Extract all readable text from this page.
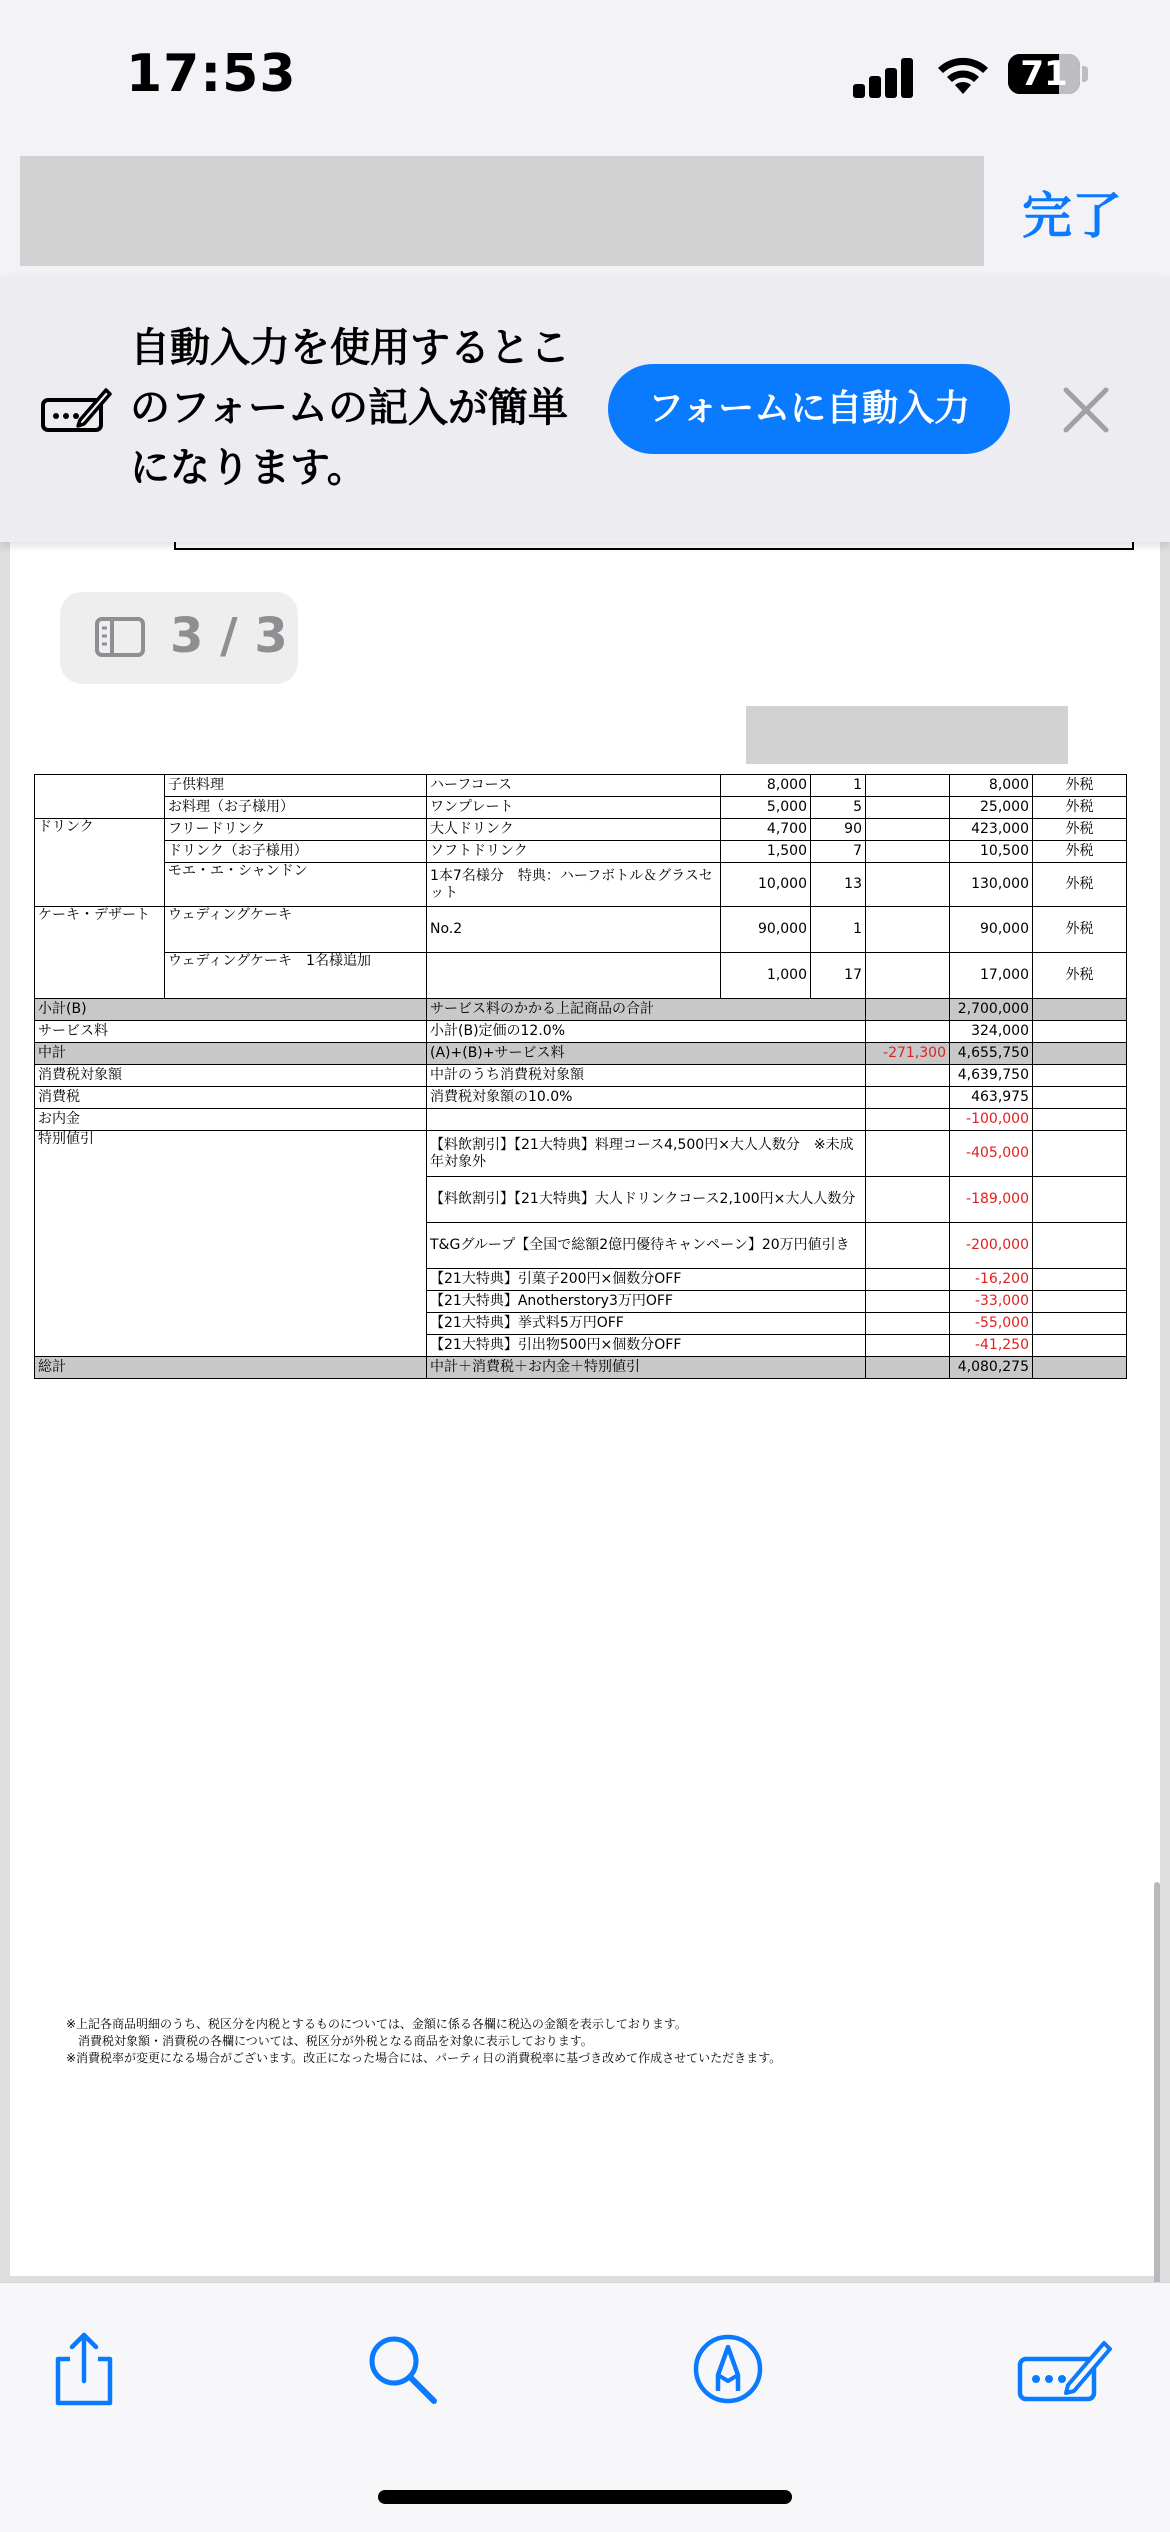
17:53	71
完了
自動入力を使用するとこのフォームの記入が簡単になります。
フォームに自動入力
	子供料理	ハーフコース	8,000	1		8,000	外税
	お料理（お子様用）	ワンプレート	5,000	5		25,000	外税
ドリンク	フリードリンク	大人ドリンク	4,700	90		423,000	外税
	ドリンク（お子様用）	ソフトドリンク	1,500	7		10,500	外税
	モエ・エ・シャンドン	1本7名様分　特典：ハーフボトル＆グラスセット	10,000	13		130,000	外税
ケーキ・デザート	ウェディングケーキ	No.2	90,000	1		90,000	外税
	ウェディングケーキ　1名様追加		1,000	17		17,000	外税
小計(B)		サービス料のかかる上記商品の合計				2,700,000	
サービス料		小計(B)定価の12.0%				324,000	
中計		(A)+(B)+サービス料			-271,300	4,655,750	
消費税対象額		中計のうち消費税対象額				4,639,750	
消費税		消費税対象額の10.0%				463,975	
お内金						-100,000	
特別値引		【料飲割引】【21大特典】料理コース4,500円×大人人数分　※未成年対象外				-405,000	
		【料飲割引】【21大特典】大人ドリンクコース2,100円×大人人数分				-189,000	
		T&Gグループ【全国で総額2億円優待キャンペーン】20万円値引き				-200,000	
		【21大特典】引菓子200円×個数分OFF				-16,200	
		【21大特典】Anotherstory3万円OFF				-33,000	
		【21大特典】挙式料5万円OFF				-55,000	
		【21大特典】引出物500円×個数分OFF				-41,250	
総計		中計＋消費税＋お内金＋特別値引				4,080,275	
※上記各商品明細のうち、税区分を内税とするものについては、金額に係る各欄に税込の金額を表示しております。
　消費税対象額・消費税の各欄については、税区分が外税となる商品を対象に表示しております。
※消費税率が変更になる場合がございます。改正になった場合には、パーティ日の消費税率に基づき改めて作成させていただきます。
3 / 3
